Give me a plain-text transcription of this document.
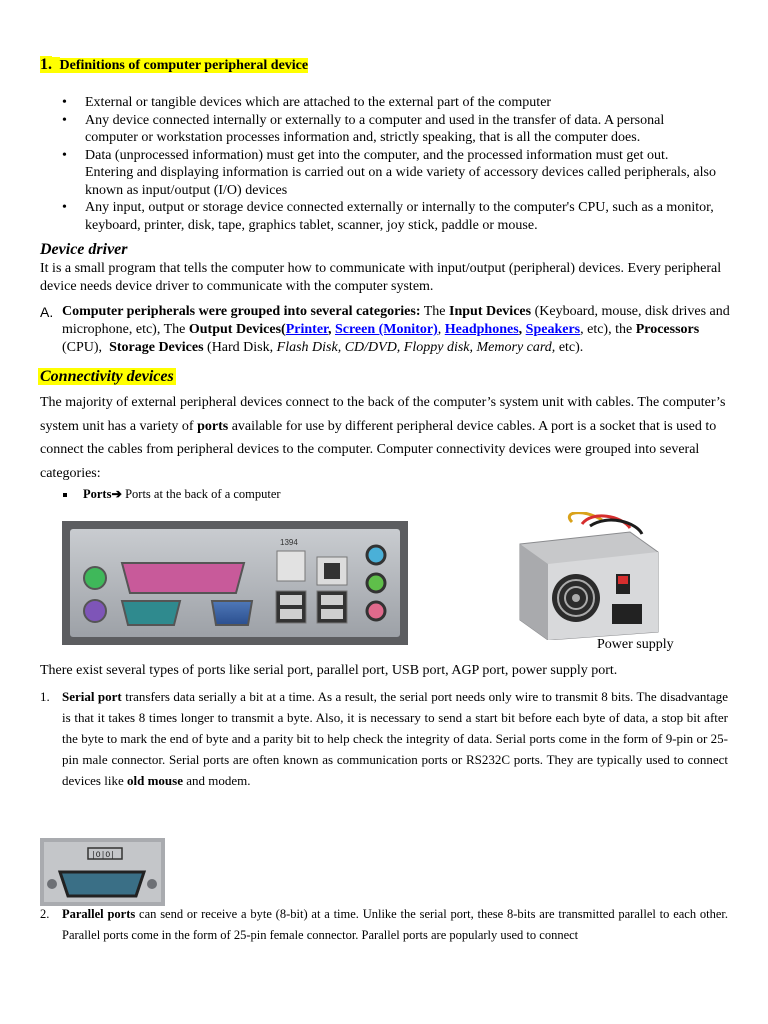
1. Definitions of computer peripheral device
• External or tangible devices which are attached to the external part of the computer
• Any device connected internally or externally to a computer and used in the transfer of data. A personal computer or workstation processes information and, strictly speaking, that is all the computer does.
• Data (unprocessed information) must get into the computer, and the processed information must get out. Entering and displaying information is carried out on a wide variety of accessory devices called peripherals, also known as input/output (I/O) devices
• Any input, output or storage device connected externally or internally to the computer's CPU, such as a monitor, keyboard, printer, disk, tape, graphics tablet, scanner, joy stick, paddle or mouse.
Device driver
It is a small program that tells the computer how to communicate with input/output (peripheral) devices. Every peripheral device needs device driver to communicate with the computer system.
A. Computer peripherals were grouped into several categories: The Input Devices (Keyboard, mouse, disk drives and microphone, etc), The Output Devices(Printer, Screen (Monitor), Headphones, Speakers, etc), the Processors (CPU), Storage Devices (Hard Disk, Flash Disk, CD/DVD, Floppy disk, Memory card, etc).
Connectivity devices
The majority of external peripheral devices connect to the back of the computer’s system unit with cables. The computer’s system unit has a variety of ports available for use by different peripheral device cables. A port is a socket that is used to connect the cables from peripheral devices to the computer. Computer connectivity devices were grouped into several categories:
Ports➔ Ports at the back of a computer
1394
Power supply
There exist several types of ports like serial port, parallel port, USB port, AGP port, power supply port.
1. Serial port transfers data serially a bit at a time. As a result, the serial port needs only wire to transmit 8 bits. The disadvantage is that it takes 8 times longer to transmit a byte. Also, it is necessary to send a start bit before each byte of data, a stop bit after the byte to mark the end of byte and a parity bit to help check the integrity of data. Serial ports come in the form of 9-pin or 25-pin male connector. Serial ports are often known as communication ports or RS232C ports. They are typically used to connect devices like old mouse and modem.
|O|O|
2. Parallel ports can send or receive a byte (8-bit) at a time. Unlike the serial port, these 8-bits are transmitted parallel to each other. Parallel ports come in the form of 25-pin female connector. Parallel ports are popularly used to connect
